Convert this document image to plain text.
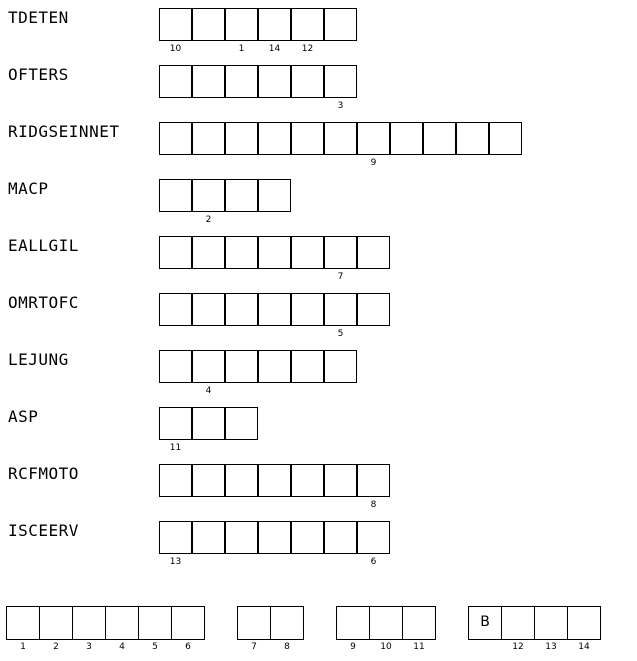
TDETEN
10	1	14	12
OFTERS
3
RIDGSEINNET
9
MACP
2
EALLGIL
7
OMRTOFC
5
LEJUNG
4
ASP
11
RCFMOTO
8
ISCEERV
13	6
1	2	3	4	5	6	7	8	9	10	11
B
12	13	14
